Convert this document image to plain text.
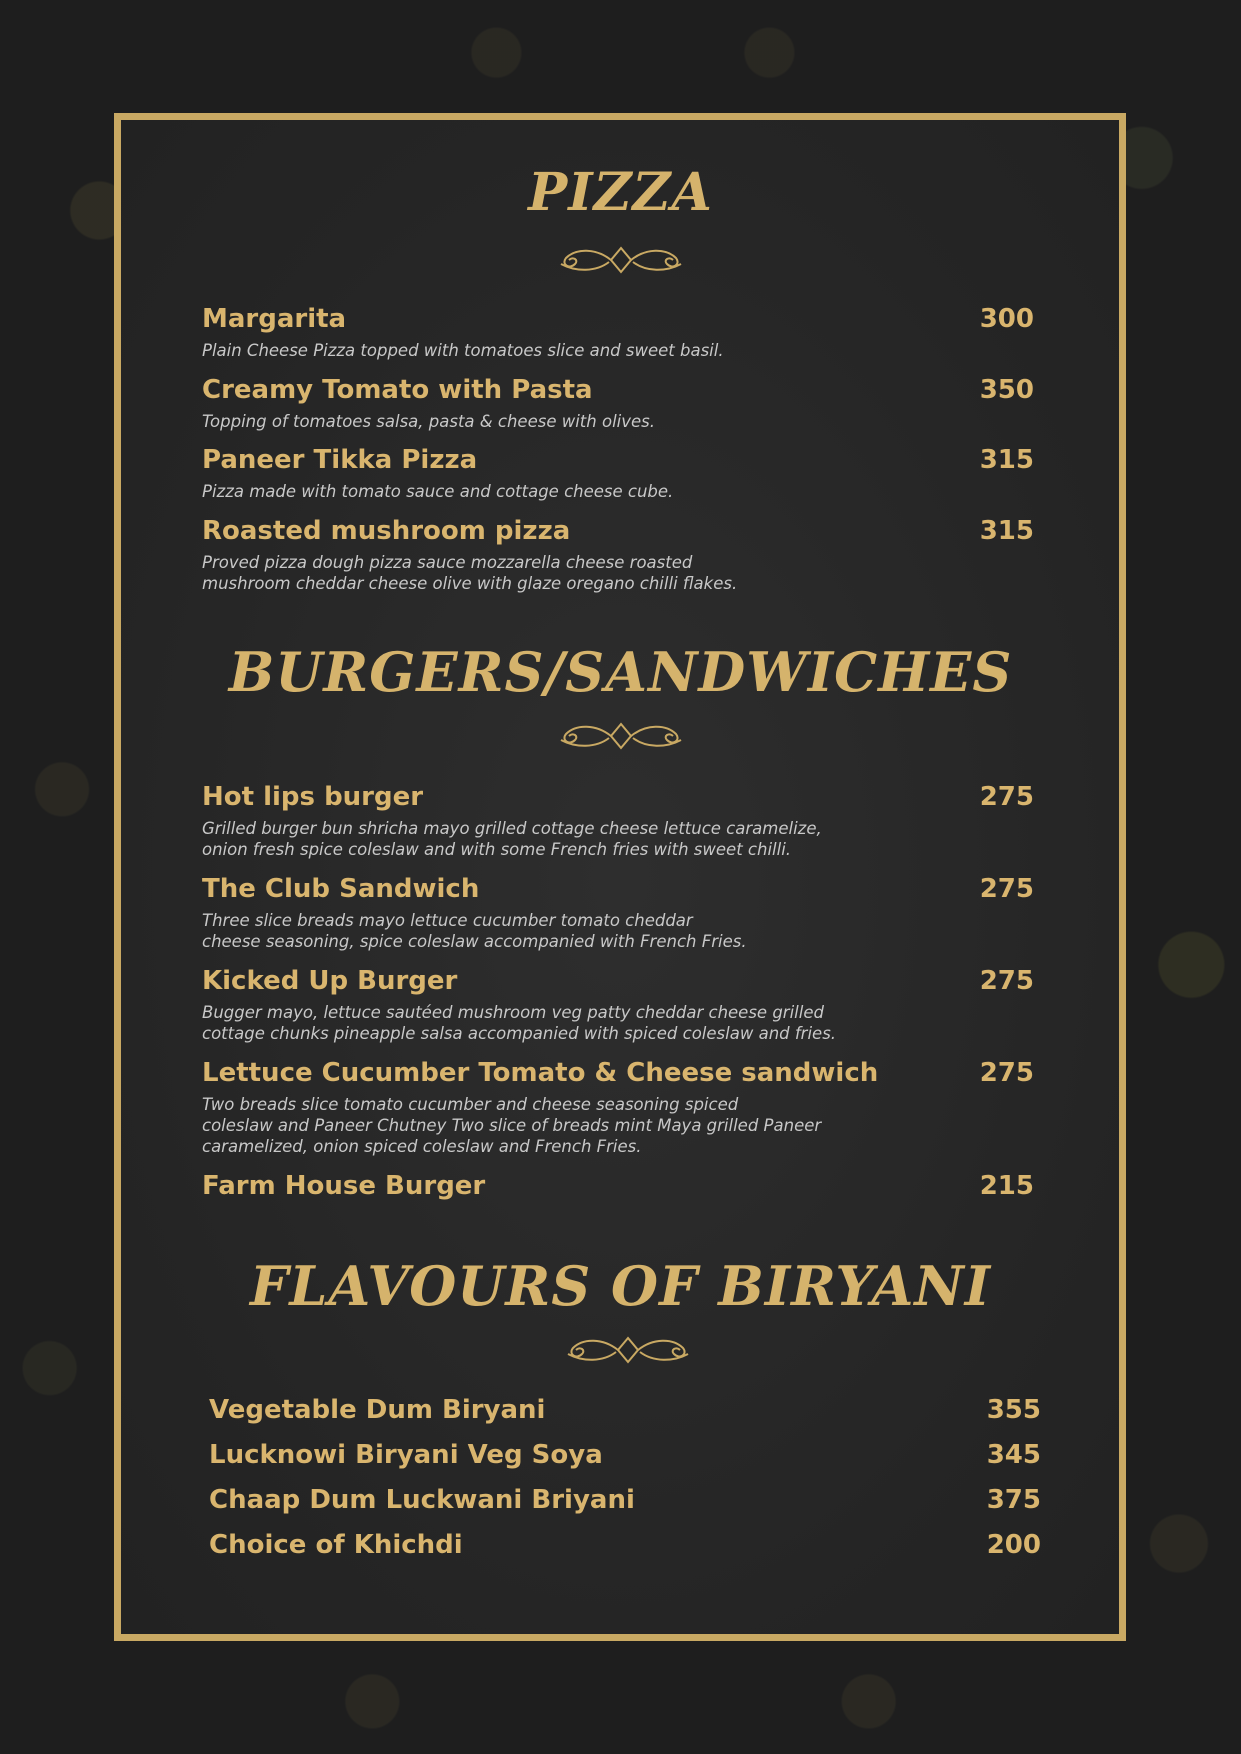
PIZZA
Margarita	300
Plain Cheese Pizza topped with tomatoes slice and sweet basil.
Creamy Tomato with Pasta	350
Topping of tomatoes salsa, pasta & cheese with olives.
Paneer Tikka Pizza	315
Pizza made with tomato sauce and cottage cheese cube.
Roasted mushroom pizza	315
Proved pizza dough pizza sauce mozzarella cheese roasted
mushroom cheddar cheese olive with glaze oregano chilli flakes.
BURGERS/SANDWICHES
Hot lips burger	275
Grilled burger bun shricha mayo grilled cottage cheese lettuce caramelize,
onion fresh spice coleslaw and with some French fries with sweet chilli.
The Club Sandwich	275
Three slice breads mayo lettuce cucumber tomato cheddar
cheese seasoning, spice coleslaw accompanied with French Fries.
Kicked Up Burger	275
Bugger mayo, lettuce sautéed mushroom veg patty cheddar cheese grilled
cottage chunks pineapple salsa accompanied with spiced coleslaw and fries.
Lettuce Cucumber Tomato & Cheese sandwich	275
Two breads slice tomato cucumber and cheese seasoning spiced
coleslaw and Paneer Chutney Two slice of breads mint Maya grilled Paneer
caramelized, onion spiced coleslaw and French Fries.
Farm House Burger	215
FLAVOURS OF BIRYANI
Vegetable Dum Biryani	355
Lucknowi Biryani Veg Soya	345
Chaap Dum Luckwani Briyani	375
Choice of Khichdi	200
